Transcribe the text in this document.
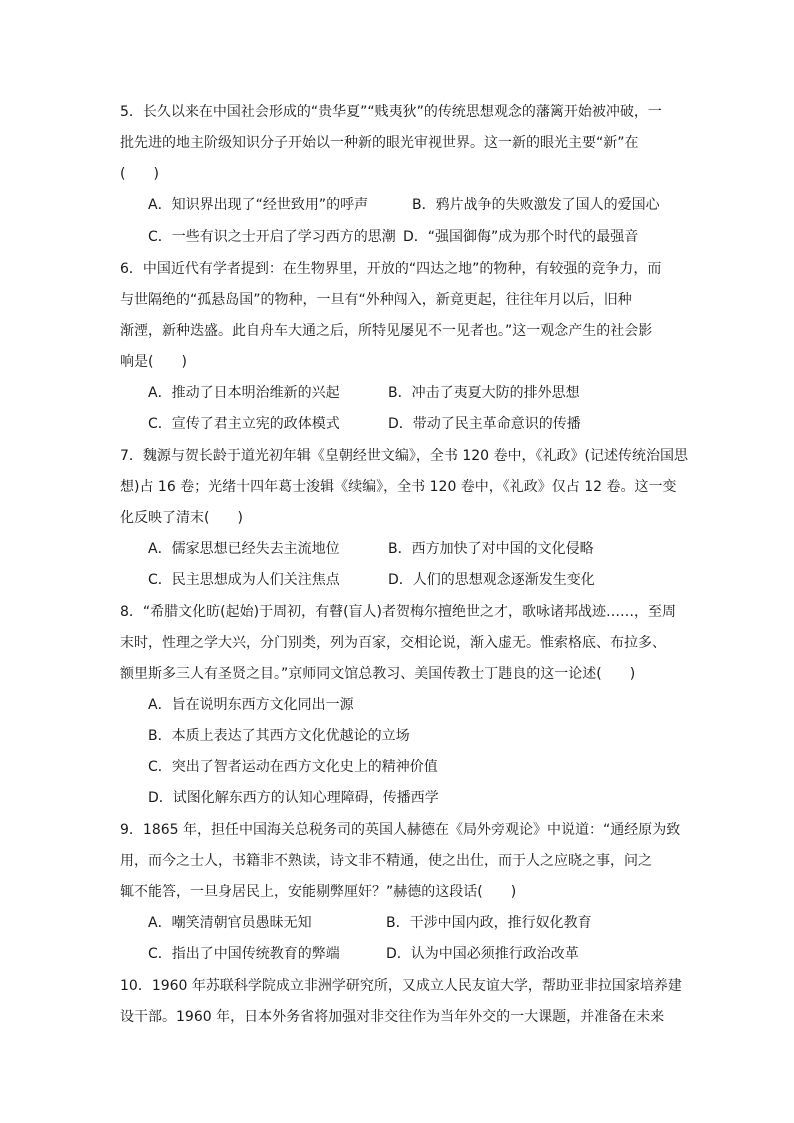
5．长久以来在中国社会形成的“贵华夏”“贱夷狄”的传统思想观念的藩篱开始被冲破，一
批先进的地主阶级知识分子开始以一种新的眼光审视世界。这一新的眼光主要“新”在
(　　)
A．知识界出现了“经世致用”的呼声	B．鸦片战争的失败激发了国人的爱国心
C．一些有识之士开启了学习西方的思潮 D．“强国御侮”成为那个时代的最强音
6．中国近代有学者提到：在生物界里，开放的“四达之地”的物种，有较强的竞争力，而
与世隔绝的“孤悬岛国”的物种，一旦有“外种闯入，新竟更起，往往年月以后，旧种
渐湮，新种迭盛。此自舟车大通之后，所特见屡见不一见者也。”这一观念产生的社会影
响是(　　)
A．推动了日本明治维新的兴起	B．冲击了夷夏大防的排外思想
C．宣传了君主立宪的政体模式	D．带动了民主革命意识的传播
7．魏源与贺长龄于道光初年辑《皇朝经世文编》，全书 120 卷中，《礼政》(记述传统治国思
想)占 16 卷；光绪十四年葛士浚辑《续编》，全书 120 卷中，《礼政》仅占 12 卷。这一变
化反映了清末(　　)
A．儒家思想已经失去主流地位	B．西方加快了对中国的文化侵略
C．民主思想成为人们关注焦点	D．人们的思想观念逐渐发生变化
8．“希腊文化昉(起始)于周初，有瞽(盲人)者贺梅尔擅绝世之才，歌咏诸邦战迹……，至周
末时，性理之学大兴，分门别类，列为百家，交相论说，渐入虚无。惟索格底、布拉多、
额里斯多三人有圣贤之目。”京师同文馆总教习、美国传教士丁韪良的这一论述(　　)
A．旨在说明东西方文化同出一源
B．本质上表达了其西方文化优越论的立场
C．突出了智者运动在西方文化史上的精神价值
D．试图化解东西方的认知心理障碍，传播西学
9．1865 年，担任中国海关总税务司的英国人赫德在《局外旁观论》中说道：“通经原为致
用，而今之士人，书籍非不熟读，诗文非不精通，使之出仕，而于人之应晓之事，问之
辄不能答，一旦身居民上，安能剔弊厘奸？”赫德的这段话(　　)
A．嘲笑清朝官员愚昧无知	B．干涉中国内政，推行奴化教育
C．指出了中国传统教育的弊端	D．认为中国必须推行政治改革
10．1960 年苏联科学院成立非洲学研究所，又成立人民友谊大学，帮助亚非拉国家培养建
设干部。1960 年，日本外务省将加强对非交往作为当年外交的一大课题，并准备在未来
